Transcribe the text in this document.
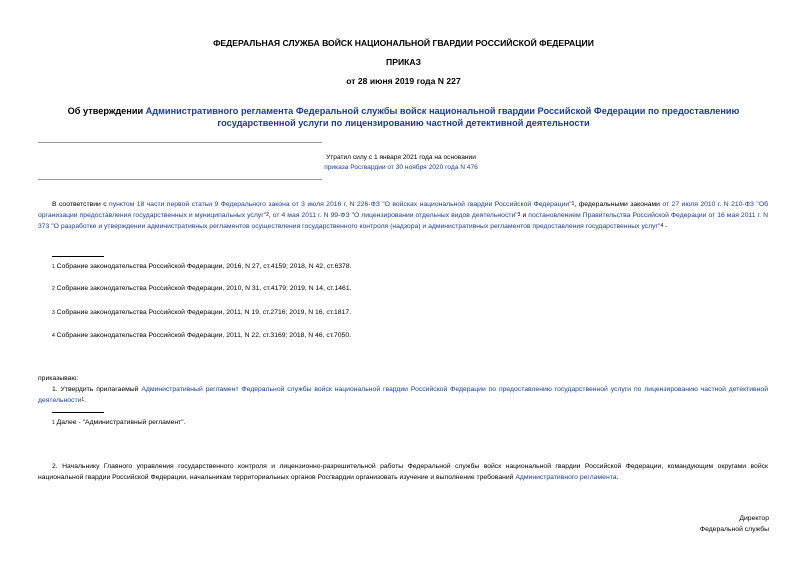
ФЕДЕРАЛЬНАЯ СЛУЖБА ВОЙСК НАЦИОНАЛЬНОЙ ГВАРДИИ РОССИЙСКОЙ ФЕДЕРАЦИИ
ПРИКАЗ
от 28 июня 2019 года N 227
Об утверждении Административного регламента Федеральной службы войск национальной гвардии Российской Федерации по предоставлению государственной услуги по лицензированию частной детективной деятельности
Утратил силу с 1 января 2021 года на основании
приказа Росгвардии от 30 ноября 2020 года N 476
В соответствии с пунктом 18 части первой статьи 9 Федерального закона от 3 июля 2016 г. N 226-ФЗ "О войсках национальной гвардии Российской Федерации"$^1$, федеральными законами от 27 июля 2010 г. N 210-ФЗ "Об организации предоставления государственных и муниципальных услуг"$^2$, от 4 мая 2011 г. N 99-ФЗ "О лицензировании отдельных видов деятельности"$^3$ и постановлением Правительства Российской Федерации от 16 мая 2011 г. N 373 "О разработке и утверждении административных регламентов осуществления государственного контроля (надзора) и административных регламентов предоставления государственных услуг"$^4$ -
$^1$ Собрание законодательства Российской Федерации, 2016, N 27, ст.4159; 2018, N 42, ст.6378.
$^2$ Собрание законодательства Российской Федерации, 2010, N 31, ст.4179; 2019, N 14, ст.1461.
$^3$ Собрание законодательства Российской Федерации, 2011, N 19, ст.2716; 2019, N 16, ст.1817.
$^4$ Собрание законодательства Российской Федерации, 2011, N 22, ст.3169; 2018, N 46, ст.7050.
приказываю:
1. Утвердить прилагаемый Административный регламент Федеральной службы войск национальной гвардии Российской Федерации по предоставлению государственной услуги по лицензированию частной детективной деятельности$^1$.
$^1$ Далее - "Административный регламент".
2. Начальнику Главного управления государственного контроля и лицензионно-разрешительной работы Федеральной службы войск национальной гвардии Российской Федерации, командующим округами войск национальной гвардии Российской Федерации, начальникам территориальных органов Росгвардии организовать изучение и выполнение требований Административного регламента.
Директор
Федеральной службы
